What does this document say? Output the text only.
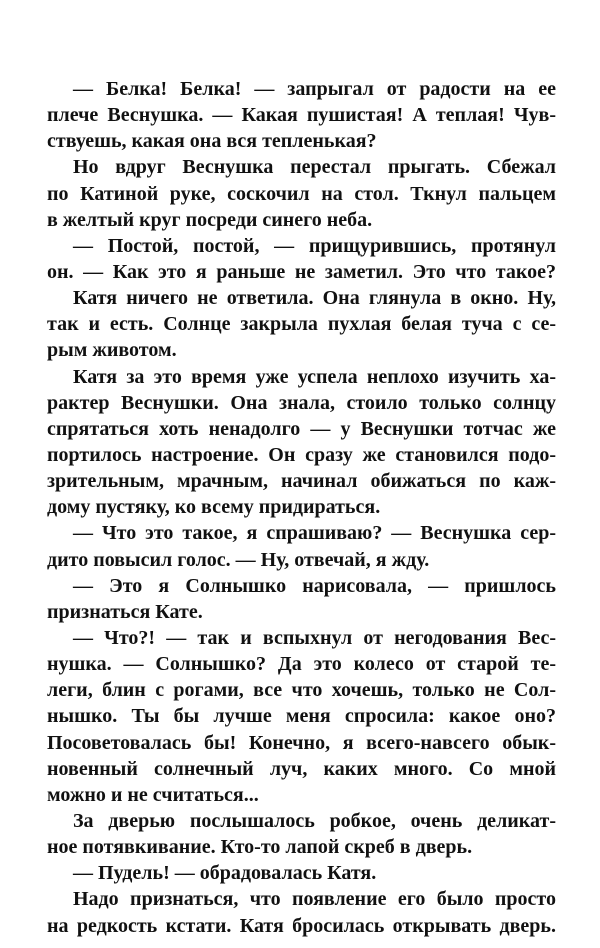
— Белка! Белка! — запрыгал от радости на ее
плече Веснушка. — Какая пушистая! А теплая! Чув-
ствуешь, какая она вся тепленькая?
Но вдруг Веснушка перестал прыгать. Сбежал
по Катиной руке, соскочил на стол. Ткнул пальцем
в желтый круг посреди синего неба.
— Постой, постой, — прищурившись, протянул
он. — Как это я раньше не заметил. Это что такое?
Катя ничего не ответила. Она глянула в окно. Ну,
так и есть. Солнце закрыла пухлая белая туча с се-
рым животом.
Катя за это время уже успела неплохо изучить ха-
рактер Веснушки. Она знала, стоило только солнцу
спрятаться хоть ненадолго — у Веснушки тотчас же
портилось настроение. Он сразу же становился подо-
зрительным, мрачным, начинал обижаться по каж-
дому пустяку, ко всему придираться.
— Что это такое, я спрашиваю? — Веснушка сер-
дито повысил голос. — Ну, отвечай, я жду.
— Это я Солнышко нарисовала, — пришлось
признаться Кате.
— Что?! — так и вспыхнул от негодования Вес-
нушка. — Солнышко? Да это колесо от старой те-
леги, блин с рогами, все что хочешь, только не Сол-
нышко. Ты бы лучше меня спросила: какое оно?
Посоветовалась бы! Конечно, я всего-навсего обык-
новенный солнечный луч, каких много. Со мной
можно и не считаться...
За дверью послышалось робкое, очень деликат-
ное потявкивание. Кто-то лапой скреб в дверь.
— Пудель! — обрадовалась Катя.
Надо признаться, что появление его было просто
на редкость кстати. Катя бросилась открывать дверь.
